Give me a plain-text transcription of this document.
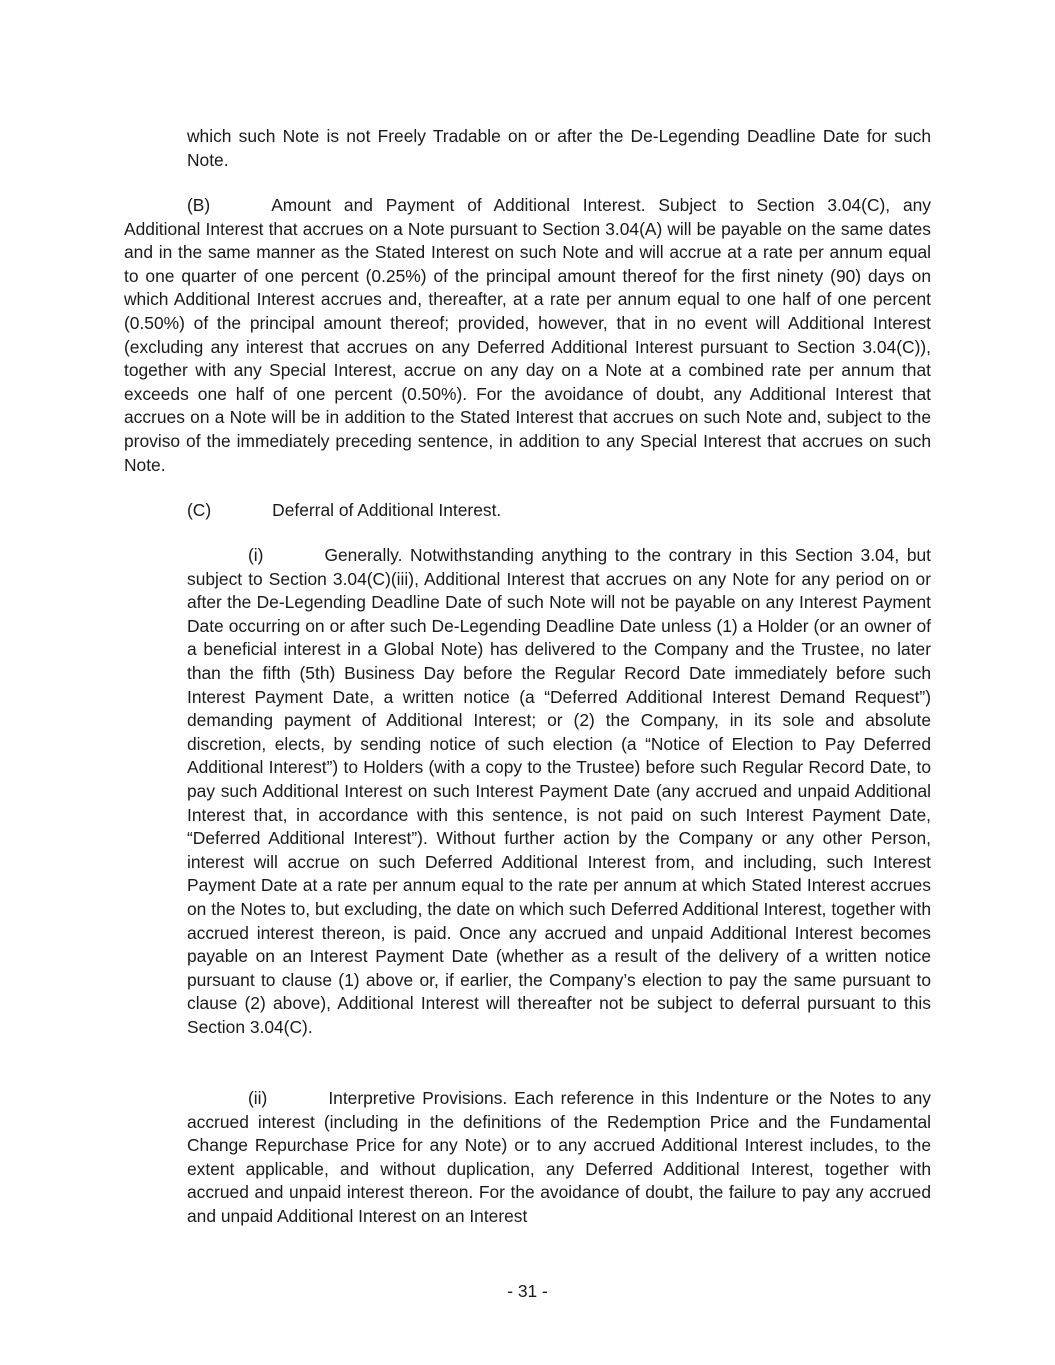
which such Note is not Freely Tradable on or after the De-Legending Deadline Date for such Note.

(B)	Amount and Payment of Additional Interest. Subject to Section 3.04(C), any Additional Interest that accrues on a Note pursuant to Section 3.04(A) will be payable on the same dates and in the same manner as the Stated Interest on such Note and will accrue at a rate per annum equal to one quarter of one percent (0.25%) of the principal amount thereof for the first ninety (90) days on which Additional Interest accrues and, thereafter, at a rate per annum equal to one half of one percent (0.50%) of the principal amount thereof; provided, however, that in no event will Additional Interest (excluding any interest that accrues on any Deferred Additional Interest pursuant to Section 3.04(C)), together with any Special Interest, accrue on any day on a Note at a combined rate per annum that exceeds one half of one percent (0.50%). For the avoidance of doubt, any Additional Interest that accrues on a Note will be in addition to the Stated Interest that accrues on such Note and, subject to the proviso of the immediately preceding sentence, in addition to any Special Interest that accrues on such Note.

(C)	Deferral of Additional Interest.

(i)	Generally. Notwithstanding anything to the contrary in this Section 3.04, but subject to Section 3.04(C)(iii), Additional Interest that accrues on any Note for any period on or after the De-Legending Deadline Date of such Note will not be payable on any Interest Payment Date occurring on or after such De-Legending Deadline Date unless (1) a Holder (or an owner of a beneficial interest in a Global Note) has delivered to the Company and the Trustee, no later than the fifth (5th) Business Day before the Regular Record Date immediately before such Interest Payment Date, a written notice (a “Deferred Additional Interest Demand Request”) demanding payment of Additional Interest; or (2) the Company, in its sole and absolute discretion, elects, by sending notice of such election (a “Notice of Election to Pay Deferred Additional Interest”) to Holders (with a copy to the Trustee) before such Regular Record Date, to pay such Additional Interest on such Interest Payment Date (any accrued and unpaid Additional Interest that, in accordance with this sentence, is not paid on such Interest Payment Date, “Deferred Additional Interest”). Without further action by the Company or any other Person, interest will accrue on such Deferred Additional Interest from, and including, such Interest Payment Date at a rate per annum equal to the rate per annum at which Stated Interest accrues on the Notes to, but excluding, the date on which such Deferred Additional Interest, together with accrued interest thereon, is paid. Once any accrued and unpaid Additional Interest becomes payable on an Interest Payment Date (whether as a result of the delivery of a written notice pursuant to clause (1) above or, if earlier, the Company’s election to pay the same pursuant to clause (2) above), Additional Interest will thereafter not be subject to deferral pursuant to this Section 3.04(C).

(ii)	Interpretive Provisions. Each reference in this Indenture or the Notes to any accrued interest (including in the definitions of the Redemption Price and the Fundamental Change Repurchase Price for any Note) or to any accrued Additional Interest includes, to the extent applicable, and without duplication, any Deferred Additional Interest, together with accrued and unpaid interest thereon. For the avoidance of doubt, the failure to pay any accrued and unpaid Additional Interest on an Interest

- 31 -
